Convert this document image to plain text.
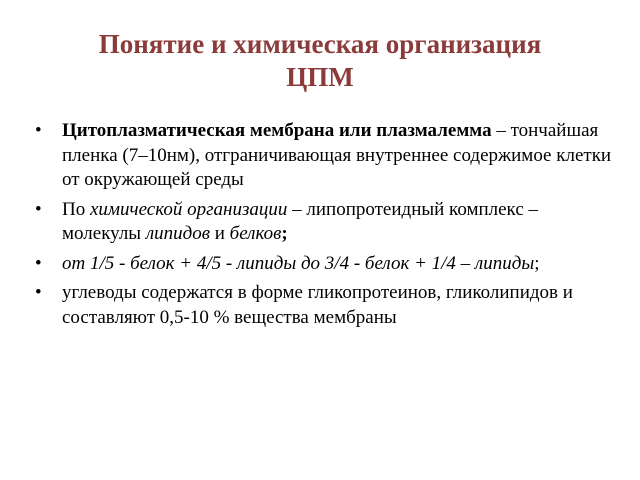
Понятие и химическая организация
ЦПМ
• Цитоплазматическая мембрана или плазмалемма – тончайшая пленка (7–10нм), отграничивающая внутреннее содержимое клетки от окружающей среды
• По химической организации – липопротеидный комплекс – молекулы липидов и белков;
• от 1/5 - белок + 4/5 - липиды до 3/4 - белок + 1/4 – липиды;
• углеводы содержатся в форме гликопротеинов, гликолипидов и составляют 0,5-10 % вещества мембраны
